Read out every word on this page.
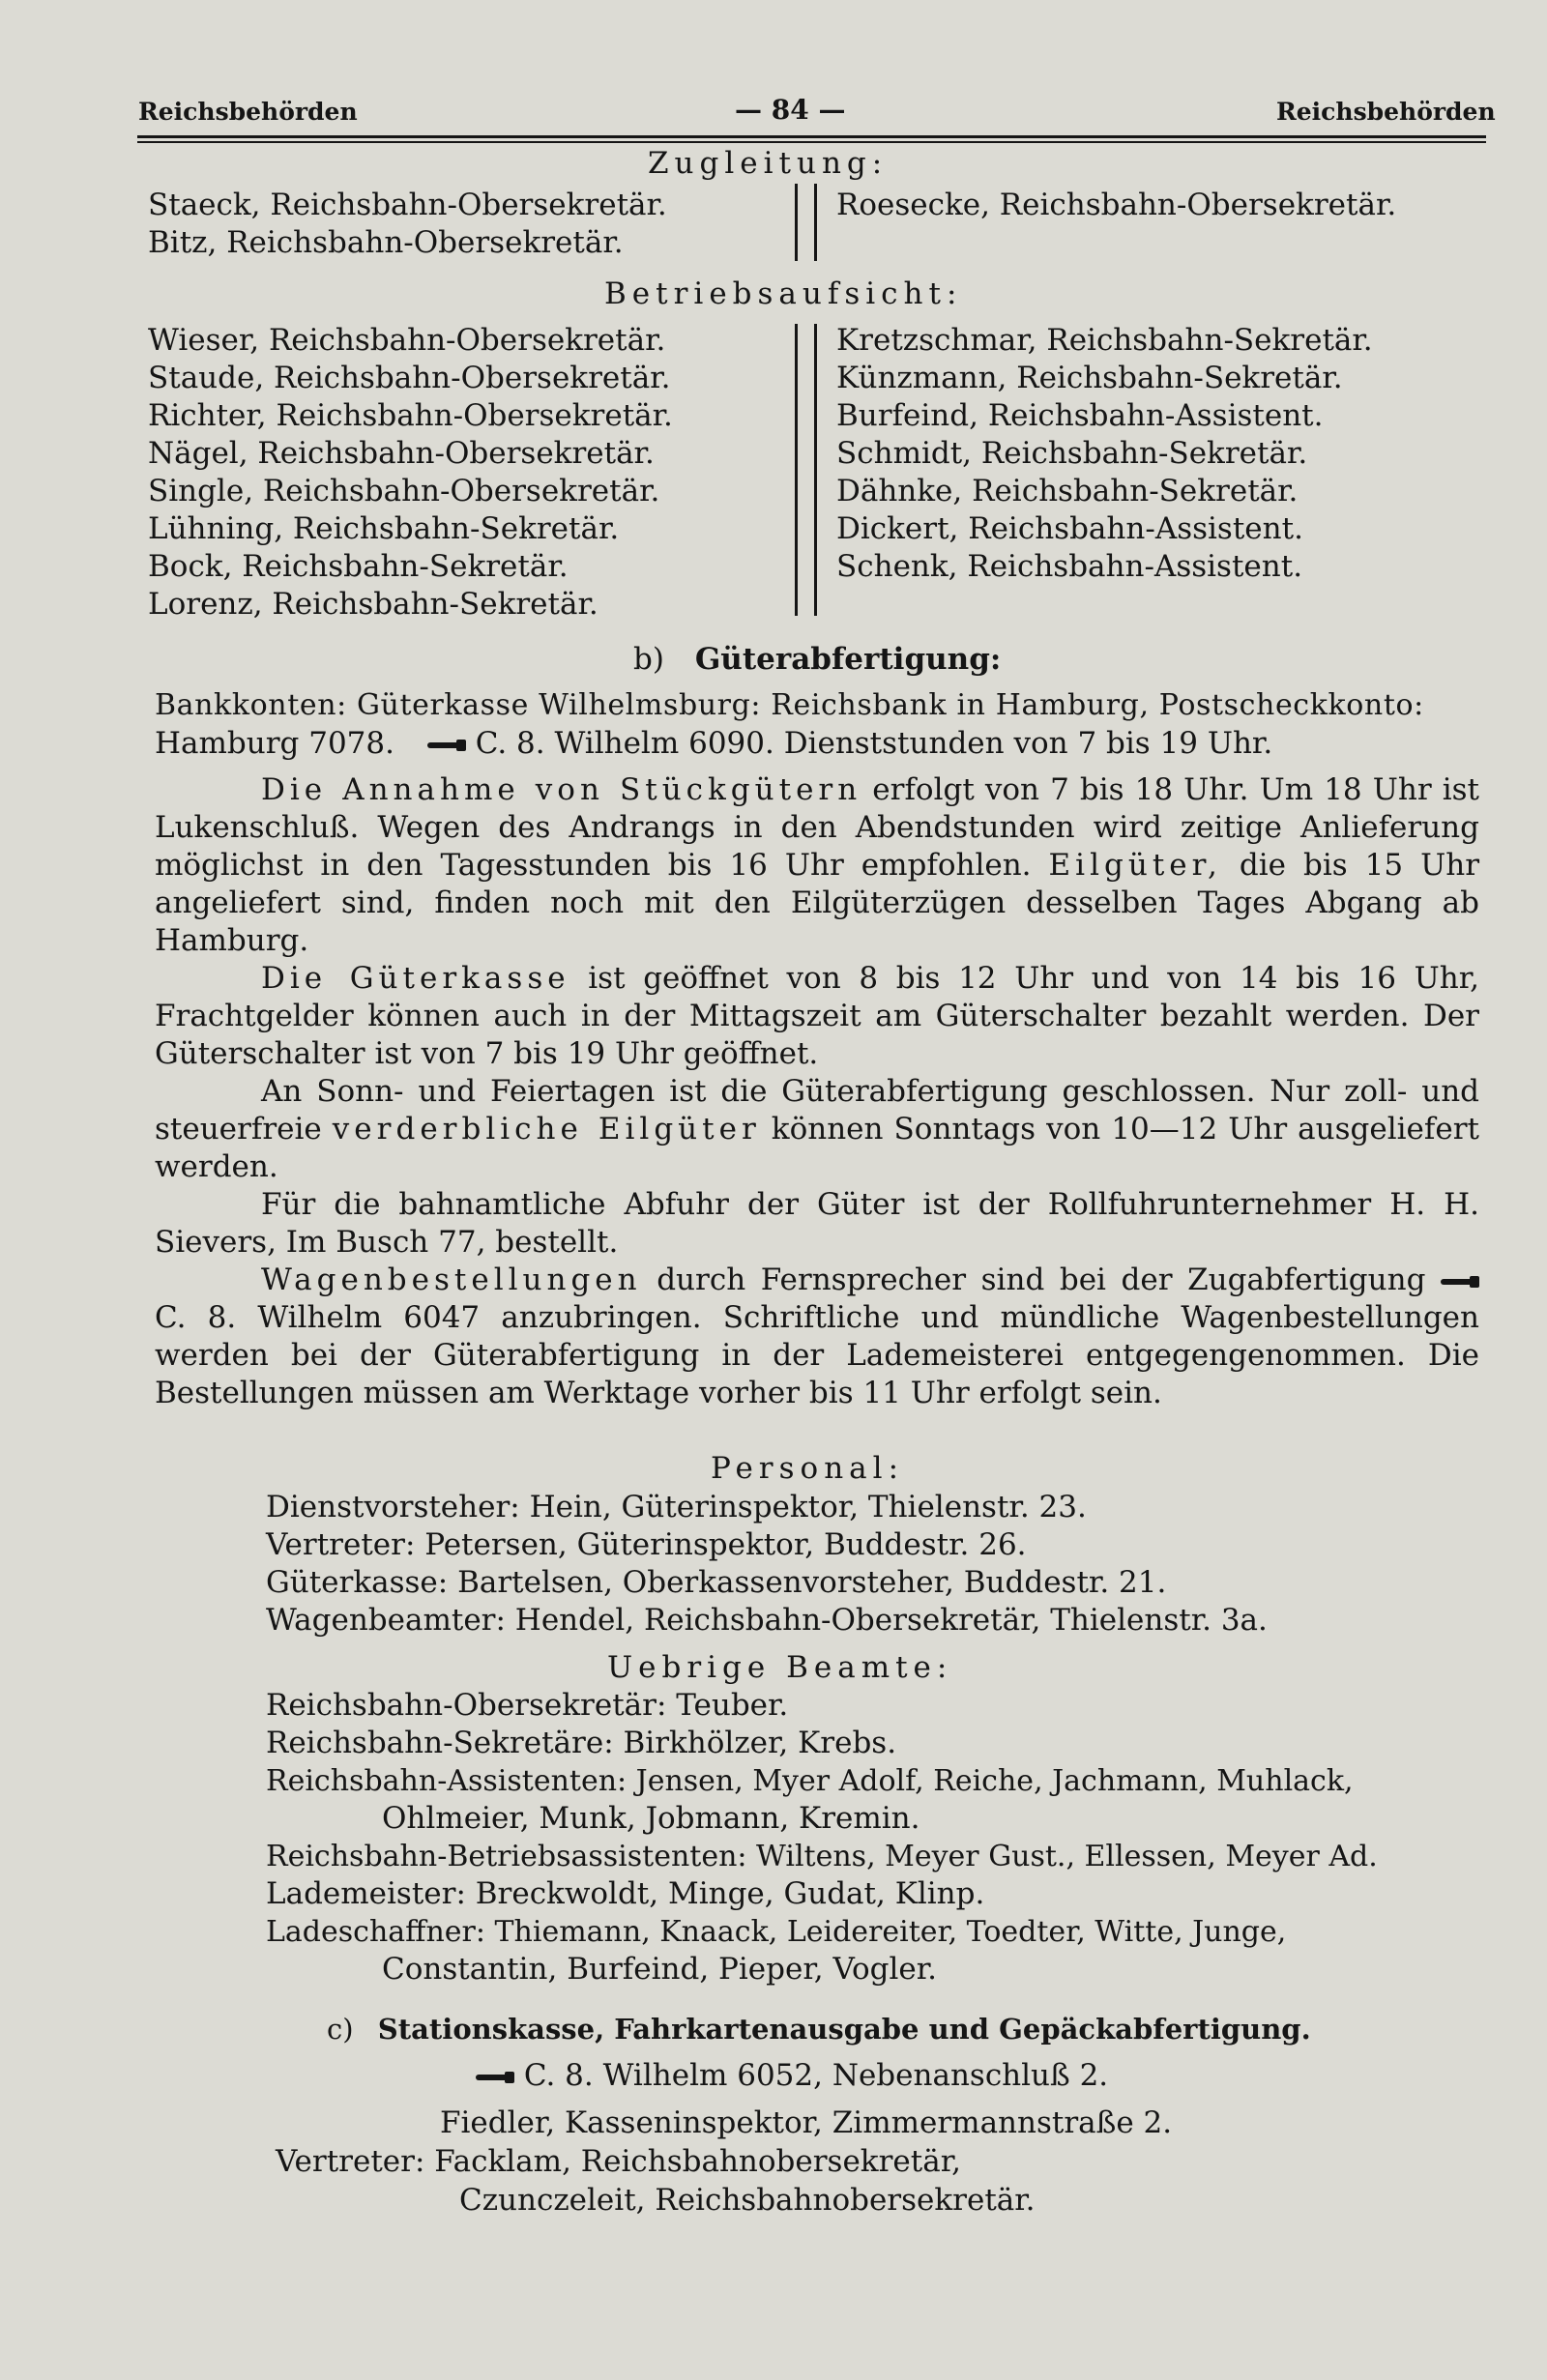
Reichsbehörden	— 84 —	Reichsbehörden
Zugleitung:
Staeck, Reichsbahn-Obersekretär.
Bitz, Reichsbahn-Obersekretär.
Roesecke, Reichsbahn-Obersekretär.
Betriebsaufsicht:
Wieser, Reichsbahn-Obersekretär.
Staude, Reichsbahn-Obersekretär.
Richter, Reichsbahn-Obersekretär.
Nägel, Reichsbahn-Obersekretär.
Single, Reichsbahn-Obersekretär.
Lühning, Reichsbahn-Sekretär.
Bock, Reichsbahn-Sekretär.
Lorenz, Reichsbahn-Sekretär.
Kretzschmar, Reichsbahn-Sekretär.
Künzmann, Reichsbahn-Sekretär.
Burfeind, Reichsbahn-Assistent.
Schmidt, Reichsbahn-Sekretär.
Dähnke, Reichsbahn-Sekretär.
Dickert, Reichsbahn-Assistent.
Schenk, Reichsbahn-Assistent.
b) Güterabfertigung:
Bankkonten: Güterkasse Wilhelmsburg: Reichsbank in Hamburg, Postscheckkonto:
Hamburg 7078.	C. 8. Wilhelm 6090. Dienststunden von 7 bis 19 Uhr.
Die Annahme von Stückgütern erfolgt von 7 bis 18 Uhr. Um 18 Uhr ist Lukenschluß. Wegen des Andrangs in den Abendstunden wird zeitige Anlieferung möglichst in den Tagesstunden bis 16 Uhr empfohlen. Eilgüter, die bis 15 Uhr angeliefert sind, finden noch mit den Eilgüterzügen desselben Tages Abgang ab Hamburg.
Die Güterkasse ist geöffnet von 8 bis 12 Uhr und von 14 bis 16 Uhr, Frachtgelder können auch in der Mittagszeit am Güterschalter bezahlt werden. Der Güterschalter ist von 7 bis 19 Uhr geöffnet.
An Sonn- und Feiertagen ist die Güterabfertigung geschlossen. Nur zoll- und steuerfreie verderbliche Eilgüter können Sonntags von 10—12 Uhr ausgeliefert werden.
Für die bahnamtliche Abfuhr der Güter ist der Rollfuhrunternehmer H. H. Sievers, Im Busch 77, bestellt.
Wagenbestellungen durch Fernsprecher sind bei der Zugabfertigung  C. 8. Wilhelm 6047 anzubringen. Schriftliche und mündliche Wagenbestellungen werden bei der Güterabfertigung in der Lademeisterei entgegengenommen. Die Bestellungen müssen am Werktage vorher bis 11 Uhr erfolgt sein.
Personal:
Dienstvorsteher: Hein, Güterinspektor, Thielenstr. 23.
Vertreter: Petersen, Güterinspektor, Buddestr. 26.
Güterkasse: Bartelsen, Oberkassenvorsteher, Buddestr. 21.
Wagenbeamter: Hendel, Reichsbahn-Obersekretär, Thielenstr. 3a.
Uebrige Beamte:
Reichsbahn-Obersekretär: Teuber.
Reichsbahn-Sekretäre: Birkhölzer, Krebs.
Reichsbahn-Assistenten: Jensen, Myer Adolf, Reiche, Jachmann, Muhlack,
Ohlmeier, Munk, Jobmann, Kremin.
Reichsbahn-Betriebsassistenten: Wiltens, Meyer Gust., Ellessen, Meyer Ad.
Lademeister: Breckwoldt, Minge, Gudat, Klinp.
Ladeschaffner: Thiemann, Knaack, Leidereiter, Toedter, Witte, Junge,
Constantin, Burfeind, Pieper, Vogler.
c) Stationskasse, Fahrkartenausgabe und Gepäckabfertigung.
C. 8. Wilhelm 6052, Nebenanschluß 2.
Fiedler, Kasseninspektor, Zimmermannstraße 2.
Vertreter: Facklam, Reichsbahnobersekretär,
Czunczeleit, Reichsbahnobersekretär.
